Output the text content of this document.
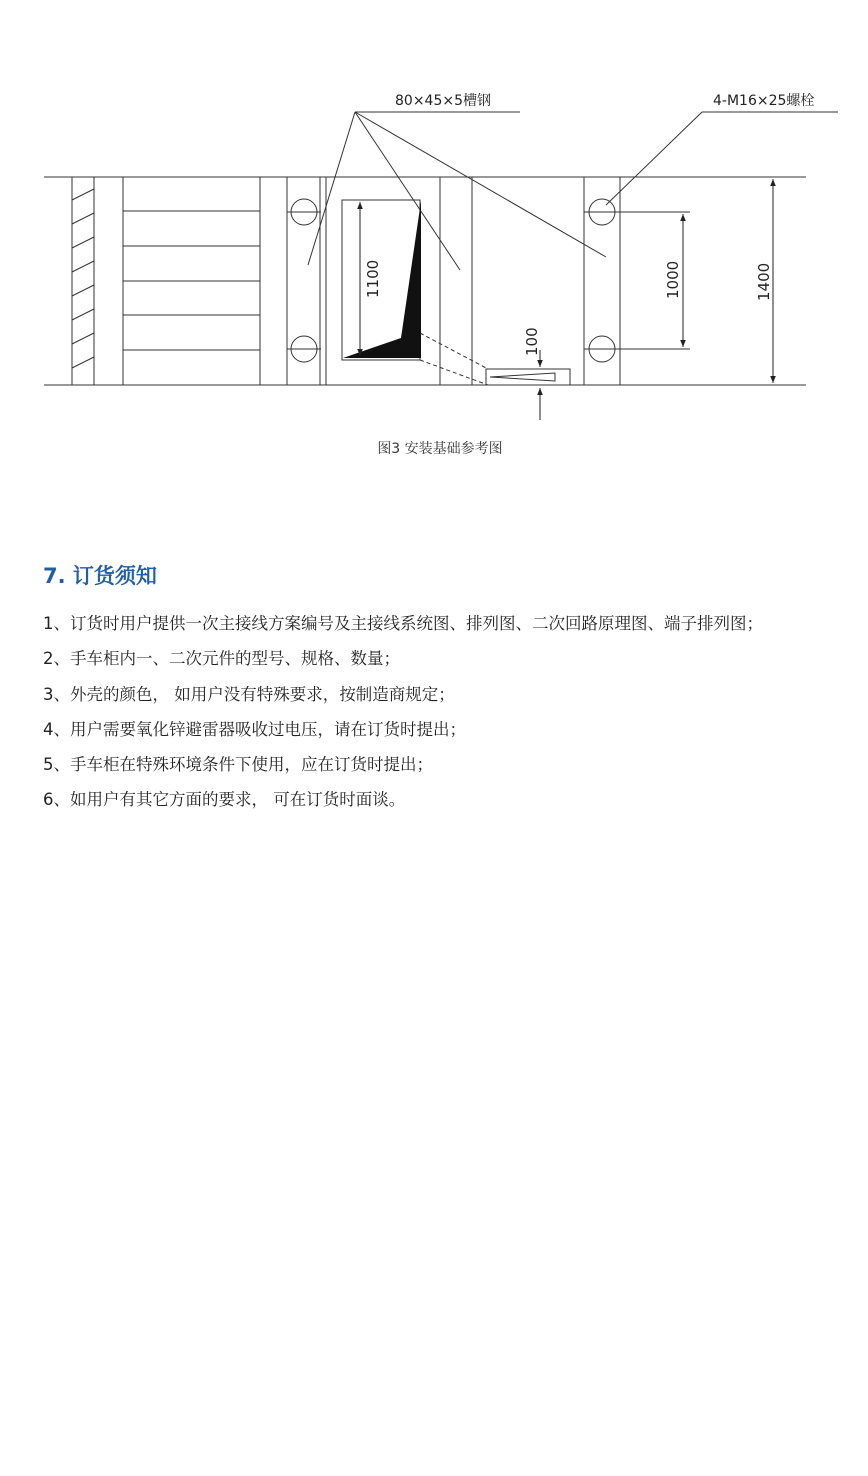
80×45×5槽钢	4-M16×25螺栓
1100
100
1000	1400
图3 安装基础参考图
7. 订货须知
1、订货时用户提供一次主接线方案编号及主接线系统图、排列图、二次回路原理图、端子排列图；
2、手车柜内一、二次元件的型号、规格、数量；
3、外壳的颜色， 如用户没有特殊要求，按制造商规定；
4、用户需要氧化锌避雷器吸收过电压，请在订货时提出；
5、手车柜在特殊环境条件下使用，应在订货时提出；
6、如用户有其它方面的要求， 可在订货时面谈。
